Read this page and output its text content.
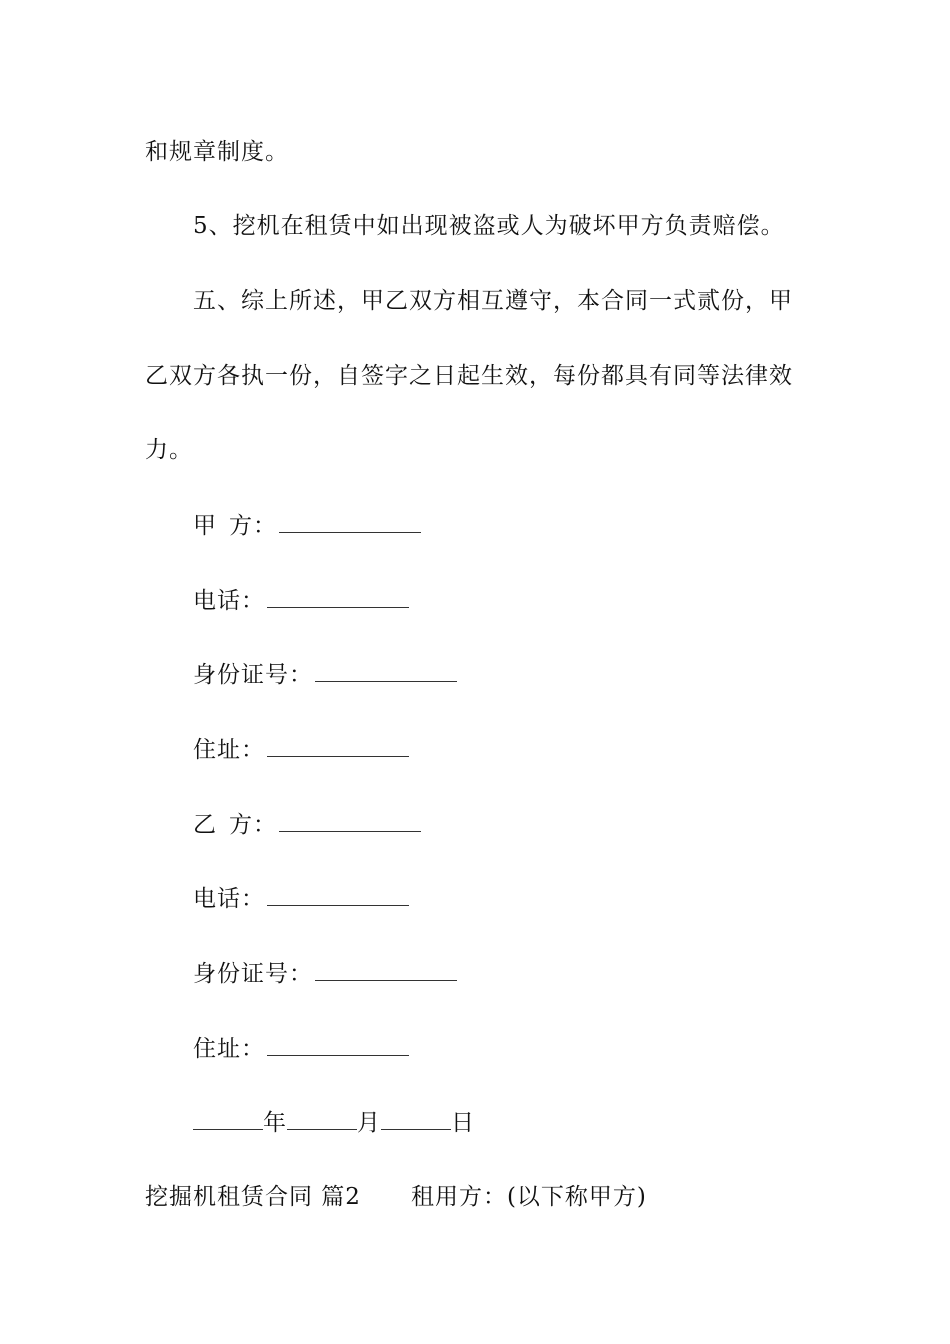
和规章制度。
5、挖机在租赁中如出现被盗或人为破坏甲方负责赔偿。
五、综上所述，甲乙双方相互遵守，本合同一式贰份，甲
乙双方各执一份，自签字之日起生效，每份都具有同等法律效
力。
甲 方：
电话：
身份证号：
住址：
乙 方：
电话：
身份证号：
住址：
年	月	日
挖掘机租赁合同 篇2 租用方：(以下称甲方)
